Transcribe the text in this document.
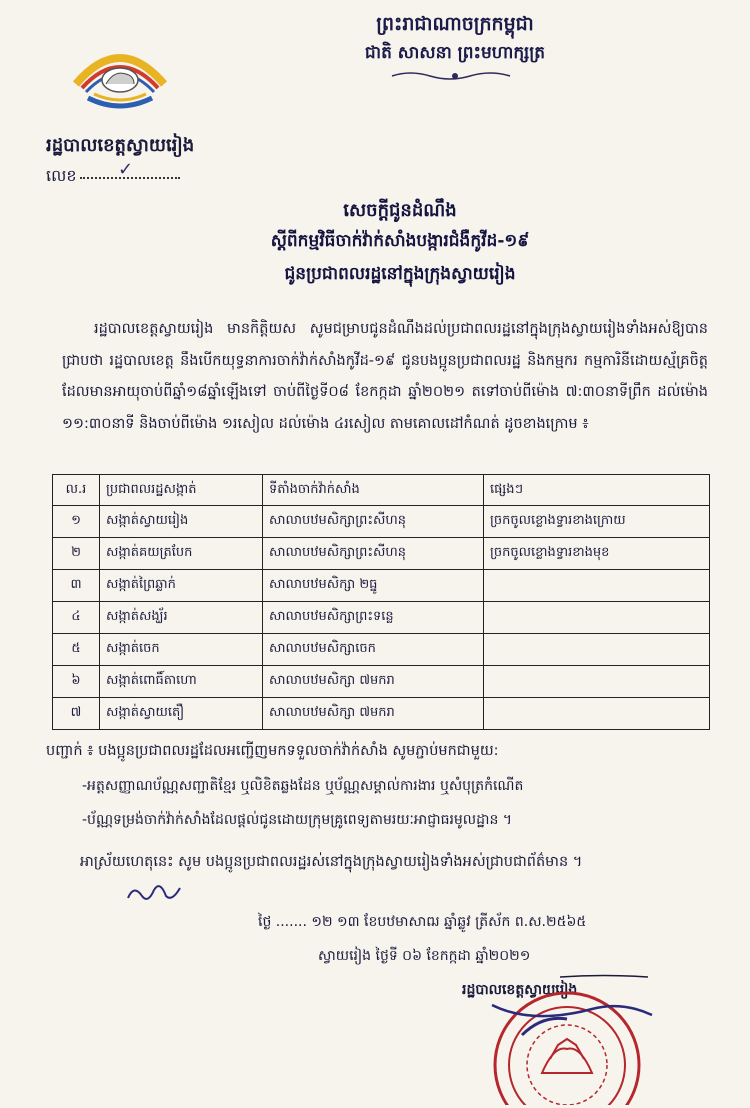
ព្រះរាជាណាចក្រកម្ពុជា
ជាតិ សាសនា ព្រះមហាក្សត្រ
រដ្ឋបាលខេត្តស្វាយរៀង
លេខ ✓
សេចក្តីជូនដំណឹង
ស្តីពីកម្មវិធីចាក់វ៉ាក់សាំងបង្ការជំងឺកូវីដ-១៩
ជូនប្រជាពលរដ្ឋនៅក្នុងក្រុងស្វាយរៀង
រដ្ឋបាលខេត្តស្វាយរៀង មានកិត្តិយស សូមជម្រាបជូនដំណឹងដល់ប្រជាពលរដ្ឋនៅក្នុងក្រុងស្វាយរៀងទាំងអស់ឱ្យបានជ្រាបថា រដ្ឋបាលខេត្ត នឹងបើកយុទ្ធនាការចាក់វ៉ាក់សាំងកូវីដ-១៩ ជូនបងប្អូនប្រជាពលរដ្ឋ និងកម្មករ កម្មការិនីដោយស្ម័គ្រចិត្ត ដែលមានអាយុចាប់ពីឆ្នាំ១៨ឆ្នាំឡើងទៅ ចាប់ពីថ្ងៃទី០៨ ខែកក្កដា ឆ្នាំ២០២១ តទៅចាប់ពីម៉ោង ៧:៣០នាទីព្រឹក ដល់ម៉ោង ១១:៣០នាទី និងចាប់ពីម៉ោង ១រសៀល ដល់ម៉ោង ៤រសៀល តាមគោលដៅកំណត់ ដូចខាងក្រោម ៖
ល.រ	ប្រជាពលរដ្ឋសង្កាត់	ទីតាំងចាក់វ៉ាក់សាំង	ផ្សេងៗ
១	សង្កាត់ស្វាយរៀង	សាលាបឋមសិក្សាព្រះសីហនុ	ច្រកចូលខ្លោងទ្វារខាងក្រោយ
២	សង្កាត់គយត្របែក	សាលាបឋមសិក្សាព្រះសីហនុ	ច្រកចូលខ្លោងទ្វារខាងមុខ
៣	សង្កាត់ព្រៃឆ្លាក់	សាលាបឋមសិក្សា ២ធ្នូ	
៤	សង្កាត់សង្ឃ័រ	សាលាបឋមសិក្សាព្រះទន្លេ	
៥	សង្កាត់ចេក	សាលាបឋមសិក្សាចេក	
៦	សង្កាត់ពោធិ៍តាហោ	សាលាបឋមសិក្សា ៧មករា	
៧	សង្កាត់ស្វាយតឿ	សាលាបឋមសិក្សា ៧មករា	
បញ្ជាក់ ៖ បងប្អូនប្រជាពលរដ្ឋដែលអញ្ជើញមកទទួលចាក់វ៉ាក់សាំង សូមភ្ជាប់មកជាមួយ:
-អត្តសញ្ញាណប័ណ្ណសញ្ជាតិខ្មែរ ឬលិខិតឆ្លងដែន ឬប័ណ្ណសម្គាល់ការងារ ឬសំបុត្រកំណើត
-ប័ណ្ណទម្រង់ចាក់វ៉ាក់សាំងដែលផ្តល់ជូនដោយក្រុមគ្រូពេទ្យតាមរយៈអាជ្ញាធរមូលដ្ឋាន ។
អាស្រ័យហេតុនេះ សូម បងប្អូនប្រជាពលរដ្ឋរស់នៅក្នុងក្រុងស្វាយរៀងទាំងអស់ជ្រាបជាព័ត៌មាន ។
ថ្ងៃ ....... ១២ ១៣ ខែបឋមាសាឍ ឆ្នាំឆ្លូវ ត្រីស័ក ព.ស.២៥៦៥
ស្វាយរៀង ថ្ងៃទី ០៦ ខែកក្កដា ឆ្នាំ២០២១
រដ្ឋបាលខេត្តស្វាយរៀង
